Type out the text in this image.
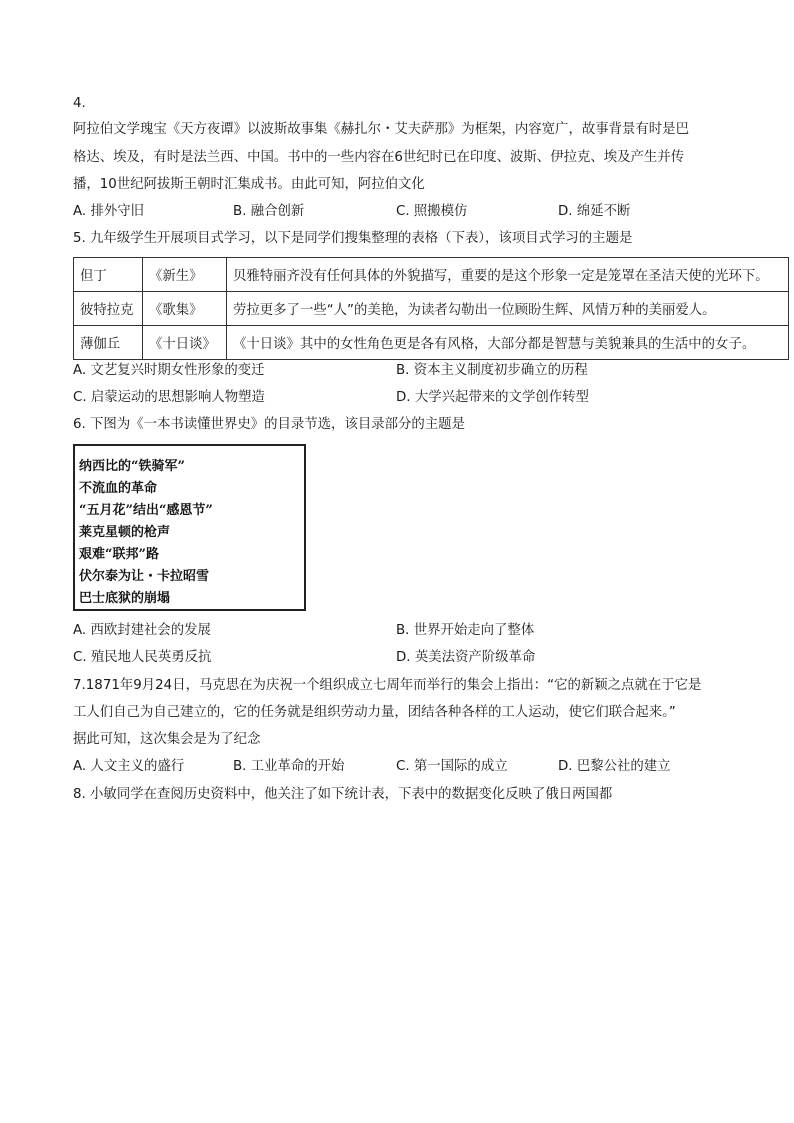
4.
阿拉伯文学瑰宝《天方夜谭》以波斯故事集《赫扎尔・艾夫萨那》为框架，内容宽广，故事背景有时是巴
格达、埃及，有时是法兰西、中国。书中的一些内容在6世纪时已在印度、波斯、伊拉克、埃及产生并传
播，10世纪阿拔斯王朝时汇集成书。由此可知，阿拉伯文化
A. 排外守旧	B. 融合创新	C. 照搬模仿	D. 绵延不断
5. 九年级学生开展项目式学习，以下是同学们搜集整理的表格（下表），该项目式学习的主题是
但丁	《新生》	贝雅特丽齐没有任何具体的外貌描写，重要的是这个形象一定是笼罩在圣洁天使的光环下。
彼特拉克	《歌集》	劳拉更多了一些“人”的美艳，为读者勾勒出一位顾盼生辉、风情万种的美丽爱人。
薄伽丘	《十日谈》	《十日谈》其中的女性角色更是各有风格，大部分都是智慧与美貌兼具的生活中的女子。
A. 文艺复兴时期女性形象的变迁	B. 资本主义制度初步确立的历程
C. 启蒙运动的思想影响人物塑造	D. 大学兴起带来的文学创作转型
6. 下图为《一本书读懂世界史》的目录节选，该目录部分的主题是
纳西比的“铁骑军”
不流血的革命
“五月花”结出“感恩节”
莱克星顿的枪声
艰难“联邦”路
伏尔泰为让・卡拉昭雪
巴士底狱的崩塌
A. 西欧封建社会的发展	B. 世界开始走向了整体
C. 殖民地人民英勇反抗	D. 英美法资产阶级革命
7.1871年9月24日，马克思在为庆祝一个组织成立七周年而举行的集会上指出：“它的新颖之点就在于它是
工人们自己为自己建立的，它的任务就是组织劳动力量，团结各种各样的工人运动，使它们联合起来。”
据此可知，这次集会是为了纪念
A. 人文主义的盛行	B. 工业革命的开始	C. 第一国际的成立	D. 巴黎公社的建立
8. 小敏同学在查阅历史资料中，他关注了如下统计表，下表中的数据变化反映了俄日两国都
